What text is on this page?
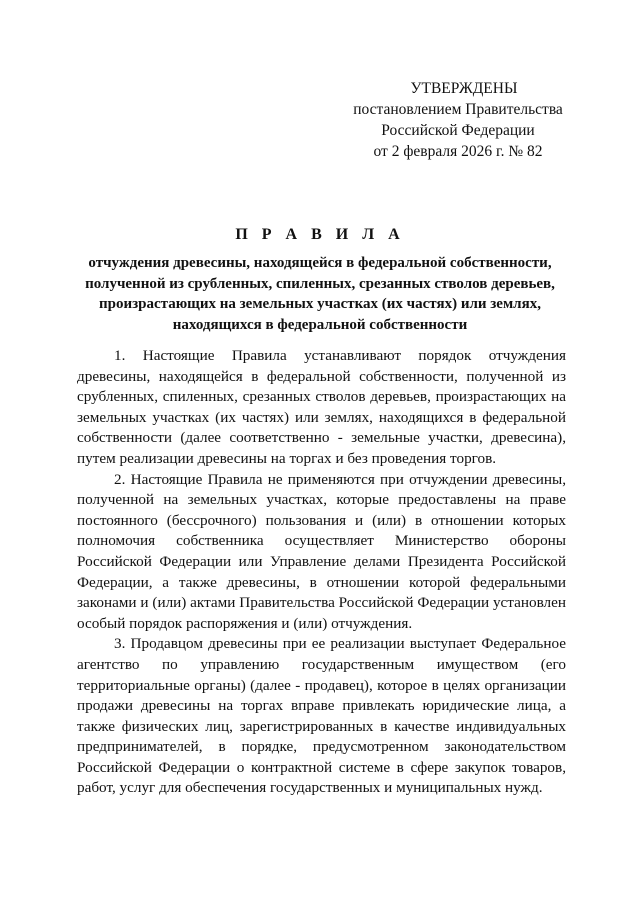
УТВЕРЖДЕНЫ
постановлением Правительства
Российской Федерации
от 2 февраля 2026 г. № 82
П Р А В И Л А
отчуждения древесины, находящейся в федеральной собственности, полученной из срубленных, спиленных, срезанных стволов деревьев, произрастающих на земельных участках (их частях) или землях, находящихся в федеральной собственности

1. Настоящие Правила устанавливают порядок отчуждения древесины, находящейся в федеральной собственности, полученной из срубленных, спиленных, срезанных стволов деревьев, произрастающих на земельных участках (их частях) или землях, находящихся в федеральной собственности (далее соответственно - земельные участки, древесина), путем реализации древесины на торгах и без проведения торгов.

2. Настоящие Правила не применяются при отчуждении древесины, полученной на земельных участках, которые предоставлены на праве постоянного (бессрочного) пользования и (или) в отношении которых полномочия собственника осуществляет Министерство обороны Российской Федерации или Управление делами Президента Российской Федерации, а также древесины, в отношении которой федеральными законами и (или) актами Правительства Российской Федерации установлен особый порядок распоряжения и (или) отчуждения.

3. Продавцом древесины при ее реализации выступает Федеральное агентство по управлению государственным имуществом (его территориальные органы) (далее - продавец), которое в целях организации продажи древесины на торгах вправе привлекать юридические лица, а также физических лиц, зарегистрированных в качестве индивидуальных предпринимателей, в порядке, предусмотренном законодательством Российской Федерации о контрактной системе в сфере закупок товаров, работ, услуг для обеспечения государственных и муниципальных нужд.
